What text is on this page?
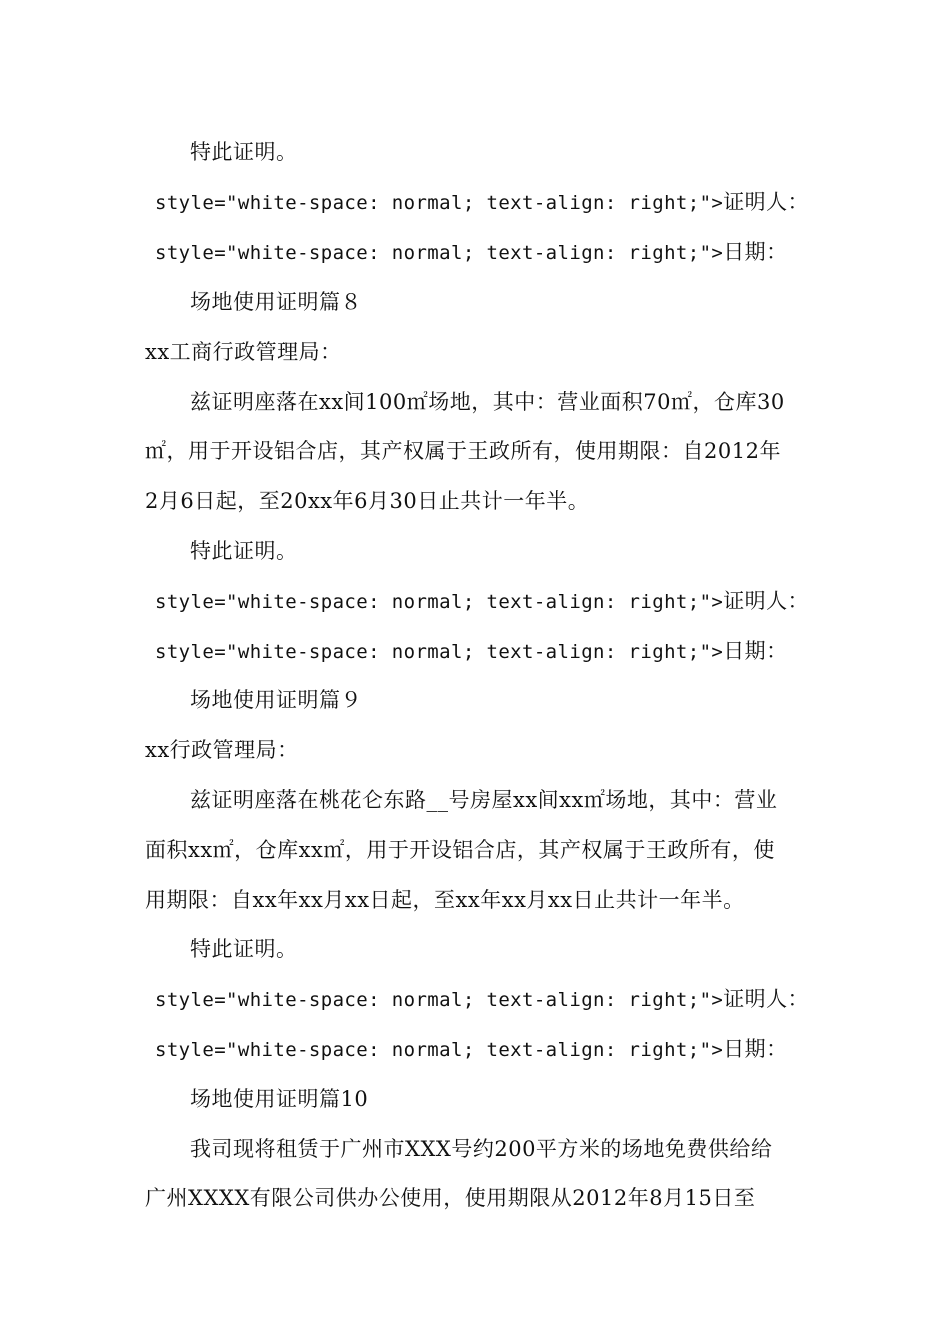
特此证明。
style="white-space: normal; text-align: right;">证明人：
style="white-space: normal; text-align: right;">日期：
场地使用证明篇８
xx工商行政管理局：
兹证明座落在xx间100㎡场地，其中：营业面积70㎡，仓库30
㎡，用于开设铝合店，其产权属于王政所有，使用期限：自2012年
2月6日起，至20xx年6月30日止共计一年半。
特此证明。
style="white-space: normal; text-align: right;">证明人：
style="white-space: normal; text-align: right;">日期：
场地使用证明篇９
xx行政管理局：
兹证明座落在桃花仑东路__号房屋xx间xx㎡场地，其中：营业
面积xx㎡，仓库xx㎡，用于开设铝合店，其产权属于王政所有，使
用期限：自xx年xx月xx日起，至xx年xx月xx日止共计一年半。
特此证明。
style="white-space: normal; text-align: right;">证明人：
style="white-space: normal; text-align: right;">日期：
场地使用证明篇10
我司现将租赁于广州市XXX号约200平方米的场地免费供给给
广州XXXX有限公司供办公使用，使用期限从2012年8月15日至
